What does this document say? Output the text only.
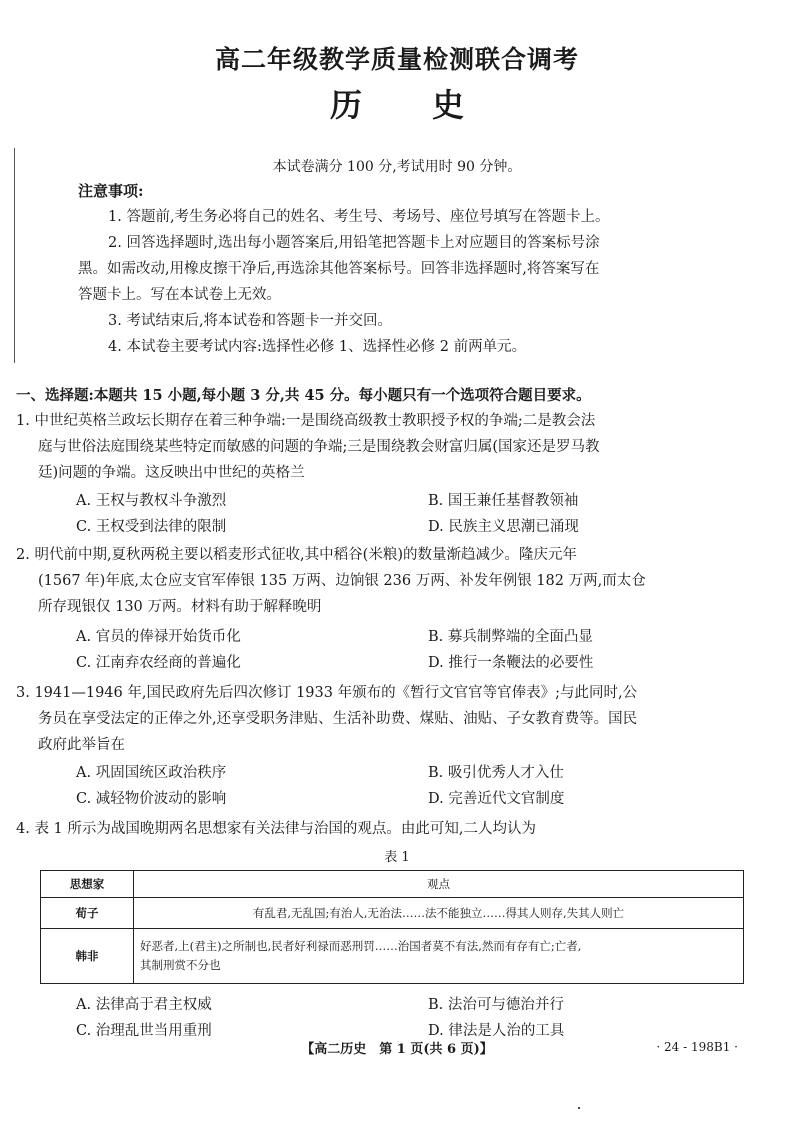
高二年级教学质量检测联合调考
历 史
本试卷满分 100 分,考试用时 90 分钟。
注意事项:
1. 答题前,考生务必将自己的姓名、考生号、考场号、座位号填写在答题卡上。
2. 回答选择题时,选出每小题答案后,用铅笔把答题卡上对应题目的答案标号涂
黑。如需改动,用橡皮擦干净后,再选涂其他答案标号。回答非选择题时,将答案写在
答题卡上。写在本试卷上无效。
3. 考试结束后,将本试卷和答题卡一并交回。
4. 本试卷主要考试内容:选择性必修 1、选择性必修 2 前两单元。
一、选择题:本题共 15 小题,每小题 3 分,共 45 分。每小题只有一个选项符合题目要求。
1. 中世纪英格兰政坛长期存在着三种争端:一是围绕高级教士教职授予权的争端;二是教会法
庭与世俗法庭围绕某些特定而敏感的问题的争端;三是围绕教会财富归属(国家还是罗马教
廷)问题的争端。这反映出中世纪的英格兰
A. 王权与教权斗争激烈	B. 国王兼任基督教领袖
C. 王权受到法律的限制	D. 民族主义思潮已涌现
2. 明代前中期,夏秋两税主要以稻麦形式征收,其中稻谷(米粮)的数量渐趋减少。隆庆元年
(1567 年)年底,太仓应支官军俸银 135 万两、边饷银 236 万两、补发年例银 182 万两,而太仓
所存现银仅 130 万两。材料有助于解释晚明
A. 官员的俸禄开始货币化	B. 募兵制弊端的全面凸显
C. 江南弃农经商的普遍化	D. 推行一条鞭法的必要性
3. 1941—1946 年,国民政府先后四次修订 1933 年颁布的《暂行文官官等官俸表》;与此同时,公
务员在享受法定的正俸之外,还享受职务津贴、生活补助费、煤贴、油贴、子女教育费等。国民
政府此举旨在
A. 巩固国统区政治秩序	B. 吸引优秀人才入仕
C. 减轻物价波动的影响	D. 完善近代文官制度
4. 表 1 所示为战国晚期两名思想家有关法律与治国的观点。由此可知,二人均认为
表 1
思想家	观点
荀子	有乱君,无乱国;有治人,无治法……法不能独立……得其人则存,失其人则亡
韩非	好恶者,上(君主)之所制也,民者好利禄而恶刑罚……治国者莫不有法,然而有存有亡;亡者,
其制刑赏不分也
A. 法律高于君主权威	B. 法治可与德治并行
C. 治理乱世当用重刑	D. 律法是人治的工具
【高二历史　第 1 页(共 6 页)】	· 24 - 198B1 ·
